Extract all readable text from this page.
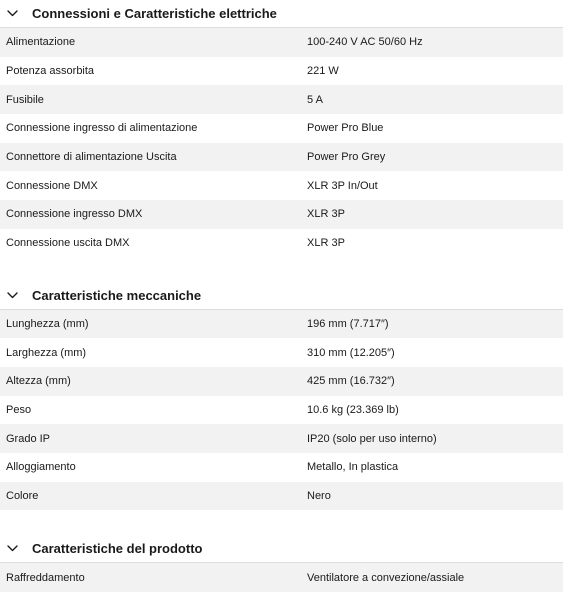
Connessioni e Caratteristiche elettriche
Alimentazione	100-240 V AC 50/60 Hz
Potenza assorbita	221 W
Fusibile	5 A
Connessione ingresso di alimentazione	Power Pro Blue
Connettore di alimentazione Uscita	Power Pro Grey
Connessione DMX	XLR 3P In/Out
Connessione ingresso DMX	XLR 3P
Connessione uscita DMX	XLR 3P
Caratteristiche meccaniche
Lunghezza (mm)	196 mm (7.717″)
Larghezza (mm)	310 mm (12.205″)
Altezza (mm)	425 mm (16.732″)
Peso	10.6 kg (23.369 lb)
Grado IP	IP20 (solo per uso interno)
Alloggiamento	Metallo, In plastica
Colore	Nero
Caratteristiche del prodotto
Raffreddamento	Ventilatore a convezione/assiale
